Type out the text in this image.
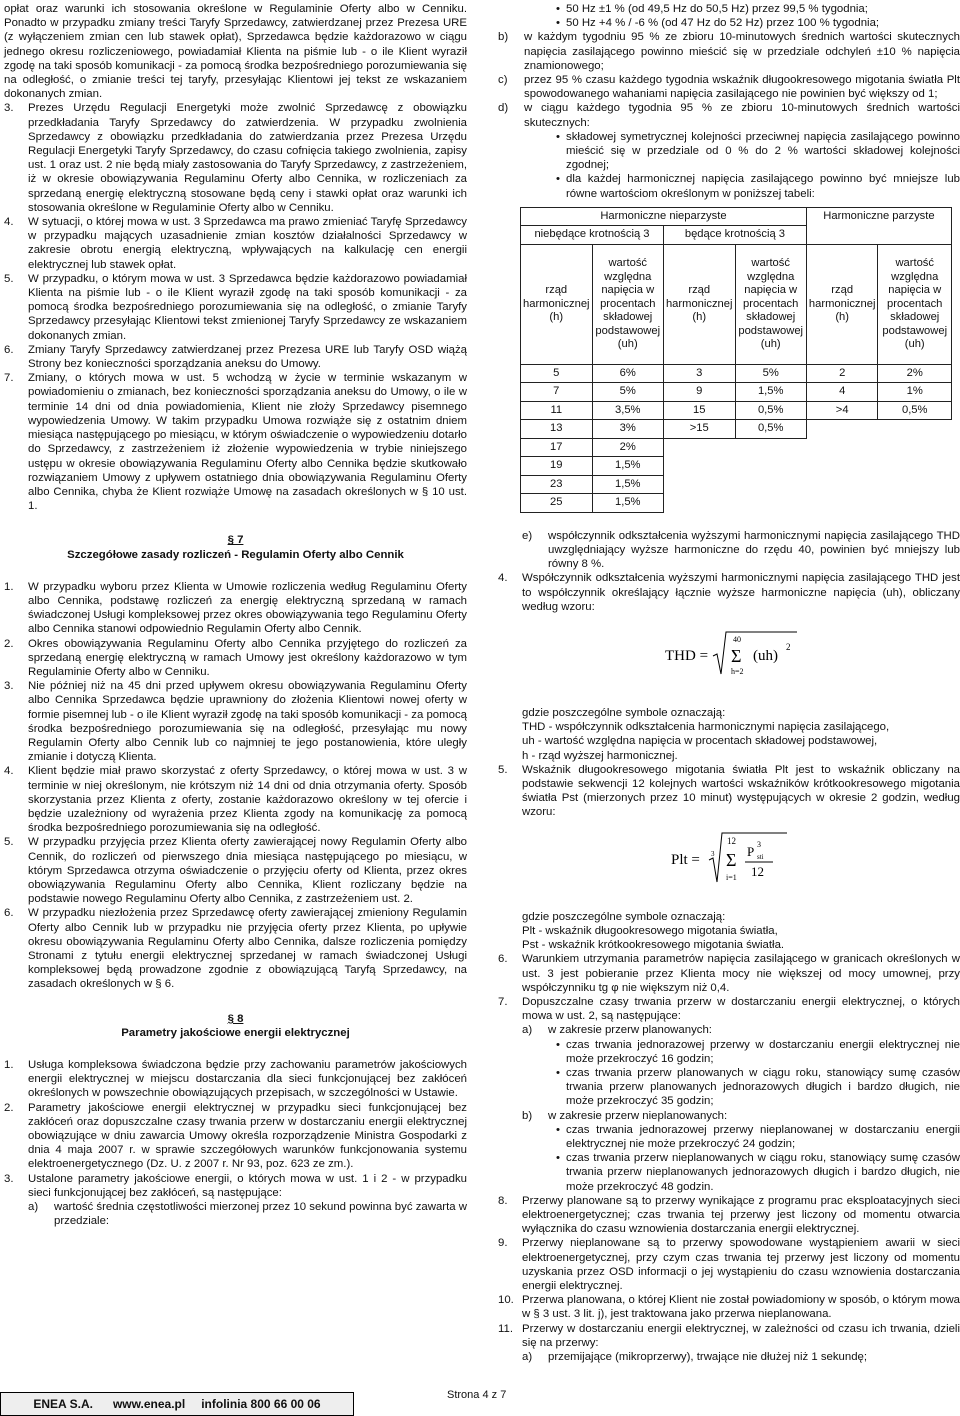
opłat oraz warunki ich stosowania określone w Regulaminie Oferty albo w Cenniku. Ponadto w przypadku zmiany treści Taryfy Sprzedawcy, zatwierdzanej przez Prezesa URE (z wyłączeniem zmian cen lub stawek opłat), Sprzedawca będzie każdorazowo w ciągu jednego okresu rozliczeniowego, powiadamiał Klienta na piśmie lub - o ile Klient wyraził zgodę na taki sposób komunikacji - za pomocą środka bezpośredniego porozumiewania się na odległość, o zmianie treści tej taryfy, przesyłając Klientowi jej tekst ze wskazaniem dokonanych zmian.

3.	Prezes Urzędu Regulacji Energetyki może zwolnić Sprzedawcę z obowiązku przedkładania Taryfy Sprzedawcy do zatwierdzenia. W przypadku zwolnienia Sprzedawcy z obowiązku przedkładania do zatwierdzania przez Prezesa Urzędu Regulacji Energetyki Taryfy Sprzedawcy, do czasu cofnięcia takiego zwolnienia, zapisy ust. 1 oraz ust. 2 nie będą miały zastosowania do Taryfy Sprzedawcy, z zastrzeżeniem, iż w okresie obowiązywania Regulaminu Oferty albo Cennika, w rozliczeniach za sprzedaną energię elektryczną stosowane będą ceny i stawki opłat oraz warunki ich stosowania określone w Regulaminie Oferty albo w Cenniku.
4.	W sytuacji, o której mowa w ust. 3 Sprzedawca ma prawo zmieniać Taryfę Sprzedawcy w przypadku mających uzasadnienie zmian kosztów działalności Sprzedawcy w zakresie obrotu energią elektryczną, wpływających na kalkulację cen energii elektrycznej lub stawek opłat.
5.	W przypadku, o którym mowa w ust. 3 Sprzedawca będzie każdorazowo powiadamiał Klienta na piśmie lub - o ile Klient wyraził zgodę na taki sposób komunikacji - za pomocą środka bezpośredniego porozumiewania się na odległość, o zmianie Taryfy Sprzedawcy przesyłając Klientowi tekst zmienionej Taryfy Sprzedawcy ze wskazaniem dokonanych zmian.
6.	Zmiany Taryfy Sprzedawcy zatwierdzanej przez Prezesa URE lub Taryfy OSD wiążą Strony bez konieczności sporządzania aneksu do Umowy.
7.	Zmiany, o których mowa w ust. 5 wchodzą w życie w terminie wskazanym w powiadomieniu o zmianach, bez konieczności sporządzania aneksu do Umowy, o ile w terminie 14 dni od dnia powiadomienia, Klient nie złoży Sprzedawcy pisemnego wypowiedzenia Umowy. W takim przypadku Umowa rozwiąże się z ostatnim dniem miesiąca następującego po miesiącu, w którym oświadczenie o wypowiedzeniu dotarło do Sprzedawcy, z zastrzeżeniem iż złożenie wypowiedzenia w trybie niniejszego ustępu w okresie obowiązywania Regulaminu Oferty albo Cennika będzie skutkowało rozwiązaniem Umowy z upływem ostatniego dnia obowiązywania Regulaminu Oferty albo Cennika, chyba że Klient rozwiąże Umowę na zasadach określonych w § 10 ust. 1.
§ 7
Szczegółowe zasady rozliczeń - Regulamin Oferty albo Cennik
1.	W przypadku wyboru przez Klienta w Umowie rozliczenia według Regulaminu Oferty albo Cennika, podstawę rozliczeń za energię elektryczną sprzedaną w ramach świadczonej Usługi kompleksowej przez okres obowiązywania tego Regulaminu Oferty albo Cennika stanowi odpowiednio Regulamin Oferty albo Cennik.
2.	Okres obowiązywania Regulaminu Oferty albo Cennika przyjętego do rozliczeń za sprzedaną energię elektryczną w ramach Umowy jest określony każdorazowo w tym Regulaminie Oferty albo w Cenniku.
3.	Nie później niż na 45 dni przed upływem okresu obowiązywania Regulaminu Oferty albo Cennika Sprzedawca będzie uprawniony do złożenia Klientowi nowej oferty w formie pisemnej lub - o ile Klient wyraził zgodę na taki sposób komunikacji - za pomocą środka bezpośredniego porozumiewania się na odległość, przesyłając mu nowy Regulamin Oferty albo Cennik lub co najmniej te jego postanowienia, które uległy zmianie i dotyczą Klienta.
4.	Klient będzie miał prawo skorzystać z oferty Sprzedawcy, o której mowa w ust. 3 w terminie w niej określonym, nie krótszym niż 14 dni od dnia otrzymania oferty. Sposób skorzystania przez Klienta z oferty, zostanie każdorazowo określony w tej ofercie i będzie uzależniony od wyrażenia przez Klienta zgody na komunikację za pomocą środka bezpośredniego porozumiewania się na odległość.
5.	W przypadku przyjęcia przez Klienta oferty zawierającej nowy Regulamin Oferty albo Cennik, do rozliczeń od pierwszego dnia miesiąca następującego po miesiącu, w którym Sprzedawca otrzyma oświadczenie o przyjęciu oferty od Klienta, przez okres obowiązywania Regulaminu Oferty albo Cennika, Klient rozliczany będzie na podstawie nowego Regulaminu Oferty albo Cennika, z zastrzeżeniem ust. 2.
6.	W przypadku niezłożenia przez Sprzedawcę oferty zawierającej zmieniony Regulamin Oferty albo Cennik lub w przypadku nie przyjęcia oferty przez Klienta, po upływie okresu obowiązywania Regulaminu Oferty albo Cennika, dalsze rozliczenia pomiędzy Stronami z tytułu energii elektrycznej sprzedanej w ramach świadczonej Usługi kompleksowej będą prowadzone zgodnie z obowiązującą Taryfą Sprzedawcy, na zasadach określonych w § 6.
§ 8
Parametry jakościowe energii elektrycznej
1.	Usługa kompleksowa świadczona będzie przy zachowaniu parametrów jakościowych energii elektrycznej w miejscu dostarczania dla sieci funkcjonującej bez zakłóceń określonych w powszechnie obowiązujących przepisach, w szczególności w Ustawie.
2.	Parametry jakościowe energii elektrycznej w przypadku sieci funkcjonującej bez zakłóceń oraz dopuszczalne czasy trwania przerw w dostarczaniu energii elektrycznej obowiązujące w dniu zawarcia Umowy określa rozporządzenie Ministra Gospodarki z dnia 4 maja 2007 r. w sprawie szczegółowych warunków funkcjonowania systemu elektroenergetycznego (Dz. U. z 2007 r. Nr 93, poz. 623 ze zm.).
3.	Ustalone parametry jakościowe energii, o których mowa w ust. 1 i 2 - w przypadku sieci funkcjonującej bez zakłóceń, są następujące:
a)	wartość średnia częstotliwości mierzonej przez 10 sekund powinna być zawarta w przedziale:
• 50 Hz ±1 % (od 49,5 Hz do 50,5 Hz) przez 99,5 % tygodnia;
• 50 Hz +4 % / -6 % (od 47 Hz do 52 Hz) przez 100 % tygodnia;
b)	w każdym tygodniu 95 % ze zbioru 10-minutowych średnich wartości skutecznych napięcia zasilającego powinno mieścić się w przedziale odchyleń ±10 % napięcia znamionowego;
c)	przez 95 % czasu każdego tygodnia wskaźnik długookresowego migotania światła Plt spowodowanego wahaniami napięcia zasilającego nie powinien być większy od 1;
d)	w ciągu każdego tygodnia 95 % ze zbioru 10-minutowych średnich wartości skutecznych:
• składowej symetrycznej kolejności przeciwnej napięcia zasilającego powinno mieścić się w przedziale od 0 % do 2 % wartości składowej kolejności zgodnej;
• dla każdej harmonicznej napięcia zasilającego powinno być mniejsze lub równe wartościom określonym w poniższej tabeli:
Harmoniczne nieparzyste				Harmoniczne parzyste	
niebędące krotnością 3		będące krotnością 3			
rząd harmonicznej (h)	wartość względna napięcia w procentach składowej podstawowej (uh)	rząd harmonicznej (h)	wartość względna napięcia w procentach składowej podstawowej (uh)	rząd harmonicznej (h)	wartość względna napięcia w procentach składowej podstawowej (uh)
5	6%	3	5%	2	2%
7	5%	9	1,5%	4	1%
11	3,5%	15	0,5%	>4	0,5%
13	3%	>15	0,5%		
17	2%				
19	1,5%				
23	1,5%				
25	1,5%				
e)	współczynnik odkształcenia wyższymi harmonicznymi napięcia zasilającego THD uwzględniający wyższe harmoniczne do rzędu 40, powinien być mniejszy lub równy 8 %.
4.	Współczynnik odkształcenia wyższymi harmonicznymi napięcia zasilającego THD jest to współczynnik określający łącznie wyższe harmoniczne napięcia (uh), obliczany według wzoru:
THD =
40
Σ
h=2
(uh)
2

gdzie poszczególne symbole oznaczają:

THD - współczynnik odkształcenia harmonicznymi napięcia zasilającego,

uh - wartość względna napięcia w procentach składowej podstawowej,

h - rząd wyższej harmonicznej.

5.	Wskaźnik długookresowego migotania światła Plt jest to wskaźnik obliczany na podstawie sekwencji 12 kolejnych wartości wskaźników krótkookresowego migotania światła Pst (mierzonych przez 10 minut) występujących w okresie 2 godzin, według wzoru:
Plt = 3
12
Σ
i=1
P 3
sti
12

gdzie poszczególne symbole oznaczają:

Plt - wskaźnik długookresowego migotania światła,

Pst - wskaźnik krótkookresowego migotania światła.

6.	Warunkiem utrzymania parametrów napięcia zasilającego w granicach określonych w ust. 3 jest pobieranie przez Klienta mocy nie większej od mocy umownej, przy współczynniku tg φ nie większym niż 0,4.
7.	Dopuszczalne czasy trwania przerw w dostarczaniu energii elektrycznej, o których mowa w ust. 2, są następujące:
a)	w zakresie przerw planowanych:
• czas trwania jednorazowej przerwy w dostarczaniu energii elektrycznej nie może przekroczyć 16 godzin;
• czas trwania przerw planowanych w ciągu roku, stanowiący sumę czasów trwania przerw planowanych jednorazowych długich i bardzo długich, nie może przekroczyć 35 godzin;
b)	w zakresie przerw nieplanowanych:
• czas trwania jednorazowej przerwy nieplanowanej w dostarczaniu energii elektrycznej nie może przekroczyć 24 godzin;
• czas trwania przerw nieplanowanych w ciągu roku, stanowiący sumę czasów trwania przerw nieplanowanych jednorazowych długich i bardzo długich, nie może przekroczyć 48 godzin.
8.	Przerwy planowane są to przerwy wynikające z programu prac eksploatacyjnych sieci elektroenergetycznej; czas trwania tej przerwy jest liczony od momentu otwarcia wyłącznika do czasu wznowienia dostarczania energii elektrycznej.
9.	Przerwy nieplanowane są to przerwy spowodowane wystąpieniem awarii w sieci elektroenergetycznej, przy czym czas trwania tej przerwy jest liczony od momentu uzyskania przez OSD informacji o jej wystąpieniu do czasu wznowienia dostarczania energii elektrycznej.
10. Przerwa planowana, o której Klient nie został powiadomiony w sposób, o którym mowa w § 3 ust. 3 lit. j), jest traktowana jako przerwa nieplanowana.
11. Przerwy w dostarczaniu energii elektrycznej, w zależności od czasu ich trwania, dzieli się na przerwy:
a)	przemijające (mikroprzerwy), trwające nie dłużej niż 1 sekundę;
ENEA S.A. www.enea.pl infolinia 800 66 00 06
Strona 4 z 7
